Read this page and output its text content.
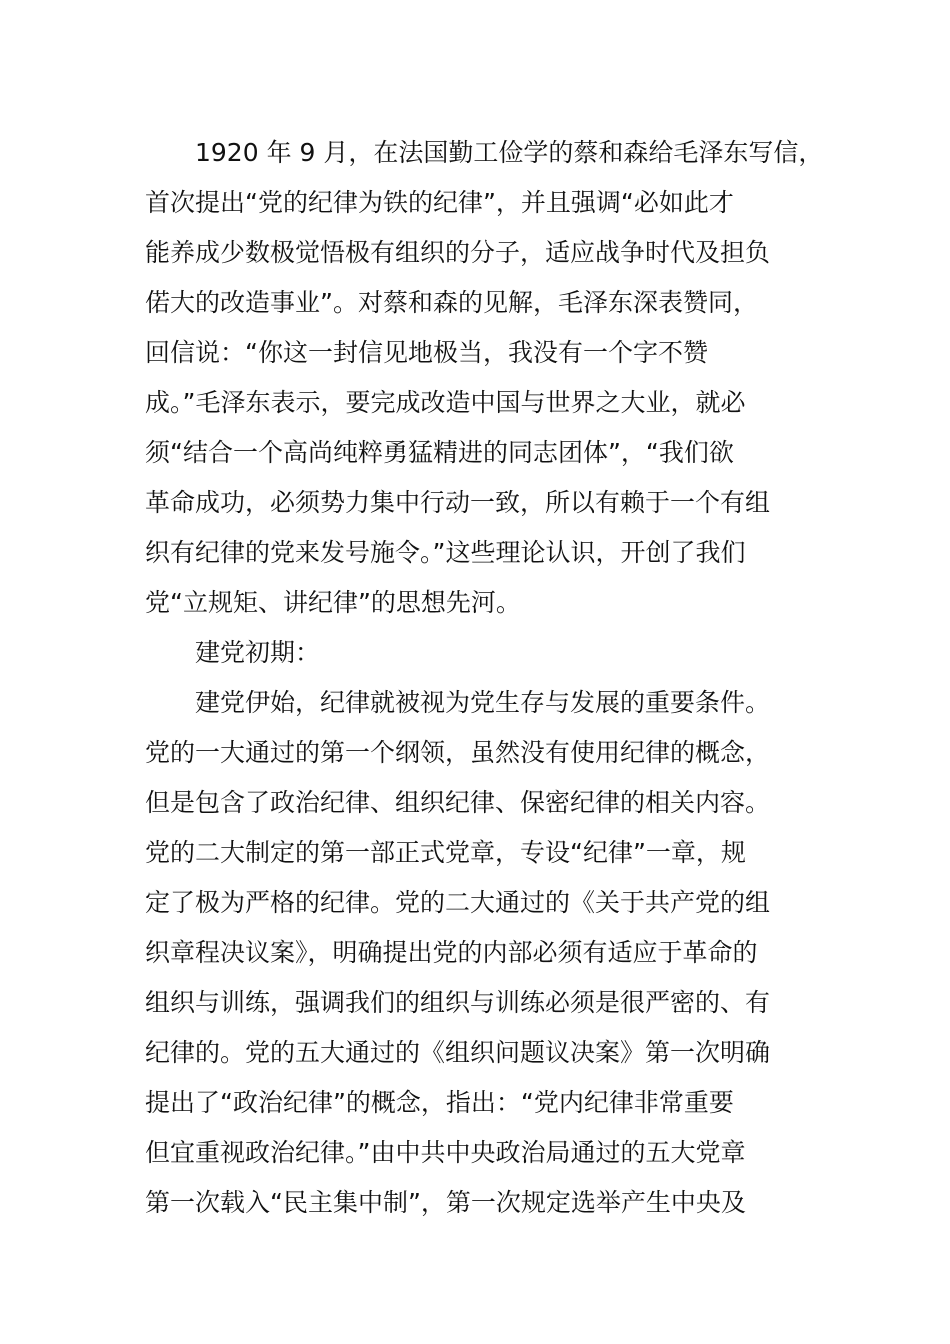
　　1920 年 9 月，在法国勤工俭学的蔡和森给毛泽东写信，
首次提出“党的纪律为铁的纪律”，并且强调“必如此才
能养成少数极觉悟极有组织的分子，适应战争时代及担负
偌大的改造事业”。对蔡和森的见解，毛泽东深表赞同，
回信说：“你这一封信见地极当，我没有一个字不赞
成。”毛泽东表示，要完成改造中国与世界之大业，就必
须“结合一个高尚纯粹勇猛精进的同志团体”，“我们欲
革命成功，必须势力集中行动一致，所以有赖于一个有组
织有纪律的党来发号施令。”这些理论认识，开创了我们
党“立规矩、讲纪律”的思想先河。
　　建党初期：
　　建党伊始，纪律就被视为党生存与发展的重要条件。
党的一大通过的第一个纲领，虽然没有使用纪律的概念，
但是包含了政治纪律、组织纪律、保密纪律的相关内容。
党的二大制定的第一部正式党章，专设“纪律”一章，规
定了极为严格的纪律。党的二大通过的《关于共产党的组
织章程决议案》，明确提出党的内部必须有适应于革命的
组织与训练，强调我们的组织与训练必须是很严密的、有
纪律的。党的五大通过的《组织问题议决案》第一次明确
提出了“政治纪律”的概念，指出：“党内纪律非常重要
但宜重视政治纪律。”由中共中央政治局通过的五大党章
第一次载入“民主集中制”，第一次规定选举产生中央及
